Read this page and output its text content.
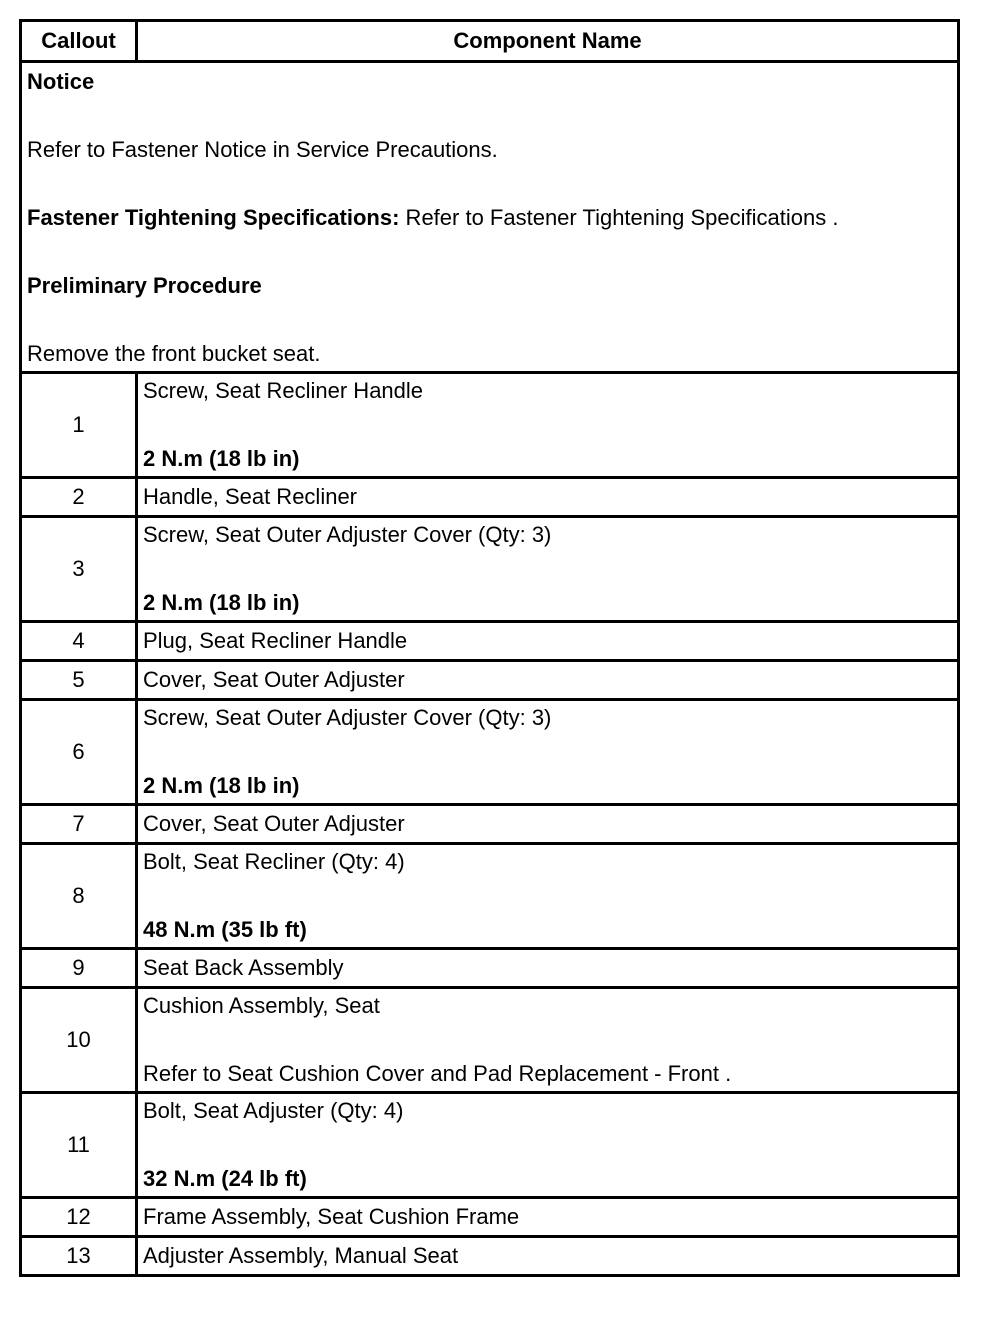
Callout	Component Name

Notice
Refer to Fastener Notice in Service Precautions.
Fastener Tightening Specifications: Refer to Fastener Tightening Specifications .
Preliminary Procedure
Remove the front bucket seat.	

1	Screw, Seat Recliner Handle
2 N.m (18 lb in)

2	Handle, Seat Recliner
3	Screw, Seat Outer Adjuster Cover (Qty: 3)
2 N.m (18 lb in)

4	Plug, Seat Recliner Handle
5	Cover, Seat Outer Adjuster
6	Screw, Seat Outer Adjuster Cover (Qty: 3)
2 N.m (18 lb in)

7	Cover, Seat Outer Adjuster
8	Bolt, Seat Recliner (Qty: 4)
48 N.m (35 lb ft)

9	Seat Back Assembly
10	Cushion Assembly, Seat
Refer to Seat Cushion Cover and Pad Replacement - Front .

11	Bolt, Seat Adjuster (Qty: 4)
32 N.m (24 lb ft)

12	Frame Assembly, Seat Cushion Frame
13	Adjuster Assembly, Manual Seat
